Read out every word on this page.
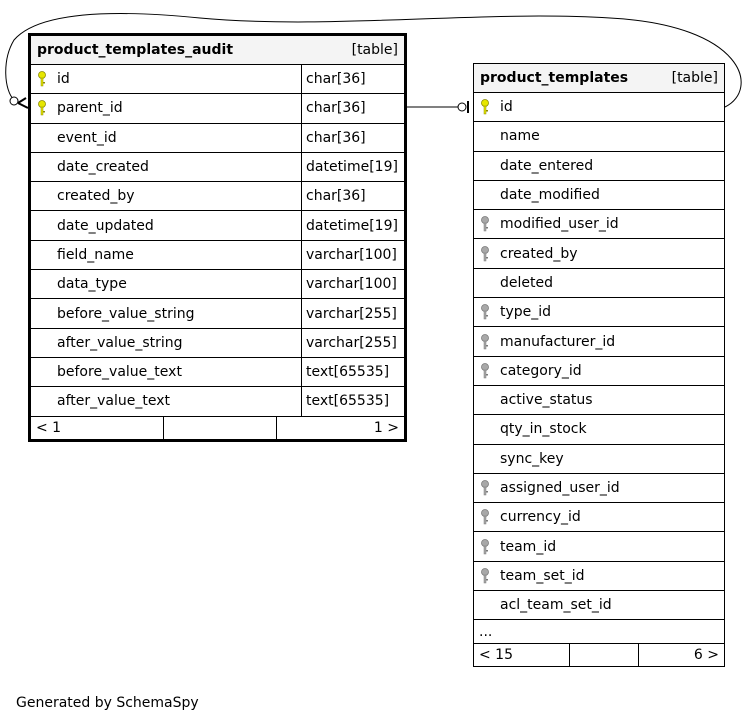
product_templates_audit	[table]
id	char[36]
parent_id	char[36]
event_id	char[36]
date_created	datetime[19]
created_by	char[36]
date_updated	datetime[19]
field_name	varchar[100]
data_type	varchar[100]
before_value_string	varchar[255]
after_value_string	varchar[255]
before_value_text	text[65535]
after_value_text	text[65535]
< 1	1 >
product_templates	[table]
id
name
date_entered
date_modified
modified_user_id
created_by
deleted
type_id
manufacturer_id
category_id
active_status
qty_in_stock
sync_key
assigned_user_id
currency_id
team_id
team_set_id
acl_team_set_id
...
< 15	6 >
Generated by SchemaSpy
